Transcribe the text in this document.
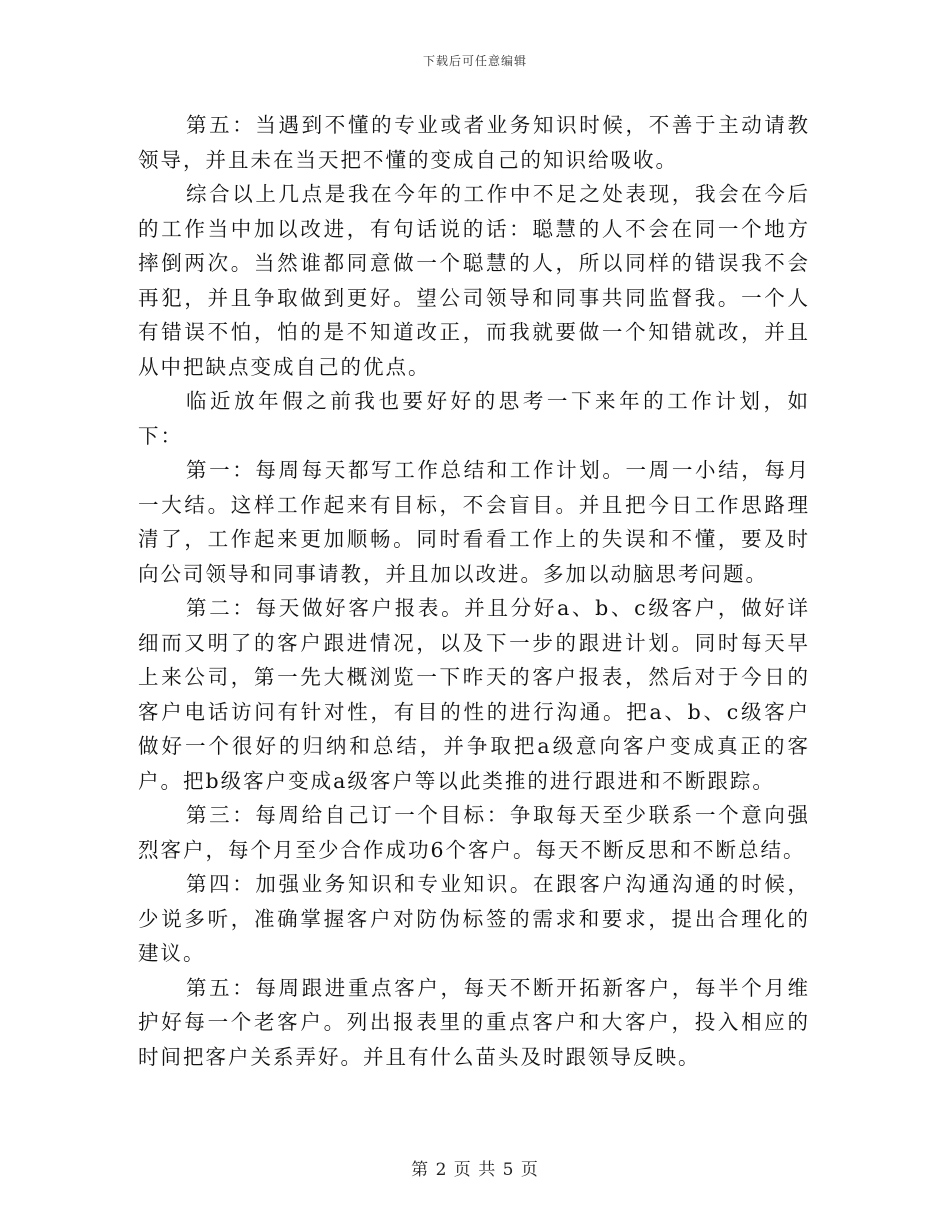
下载后可任意编辑

第五：当遇到不懂的专业或者业务知识时候，不善于主动请教领导，并且未在当天把不懂的变成自己的知识给吸收。

综合以上几点是我在今年的工作中不足之处表现，我会在今后的工作当中加以改进，有句话说的话：聪慧的人不会在同一个地方摔倒两次。当然谁都同意做一个聪慧的人，所以同样的错误我不会再犯，并且争取做到更好。望公司领导和同事共同监督我。一个人有错误不怕，怕的是不知道改正，而我就要做一个知错就改，并且从中把缺点变成自己的优点。

临近放年假之前我也要好好的思考一下来年的工作计划，如下：

第一：每周每天都写工作总结和工作计划。一周一小结，每月一大结。这样工作起来有目标，不会盲目。并且把今日工作思路理清了，工作起来更加顺畅。同时看看工作上的失误和不懂，要及时向公司领导和同事请教，并且加以改进。多加以动脑思考问题。

第二：每天做好客户报表。并且分好a、b、c级客户，做好详细而又明了的客户跟进情况，以及下一步的跟进计划。同时每天早上来公司，第一先大概浏览一下昨天的客户报表，然后对于今日的客户电话访问有针对性，有目的性的进行沟通。把a、b、c级客户做好一个很好的归纳和总结，并争取把a级意向客户变成真正的客户。把b级客户变成a级客户等以此类推的进行跟进和不断跟踪。

第三：每周给自己订一个目标：争取每天至少联系一个意向强烈客户，每个月至少合作成功6个客户。每天不断反思和不断总结。

第四：加强业务知识和专业知识。在跟客户沟通沟通的时候，少说多听，准确掌握客户对防伪标签的需求和要求，提出合理化的建议。

第五：每周跟进重点客户，每天不断开拓新客户，每半个月维护好每一个老客户。列出报表里的重点客户和大客户，投入相应的时间把客户关系弄好。并且有什么苗头及时跟领导反映。

第 2 页 共 5 页
